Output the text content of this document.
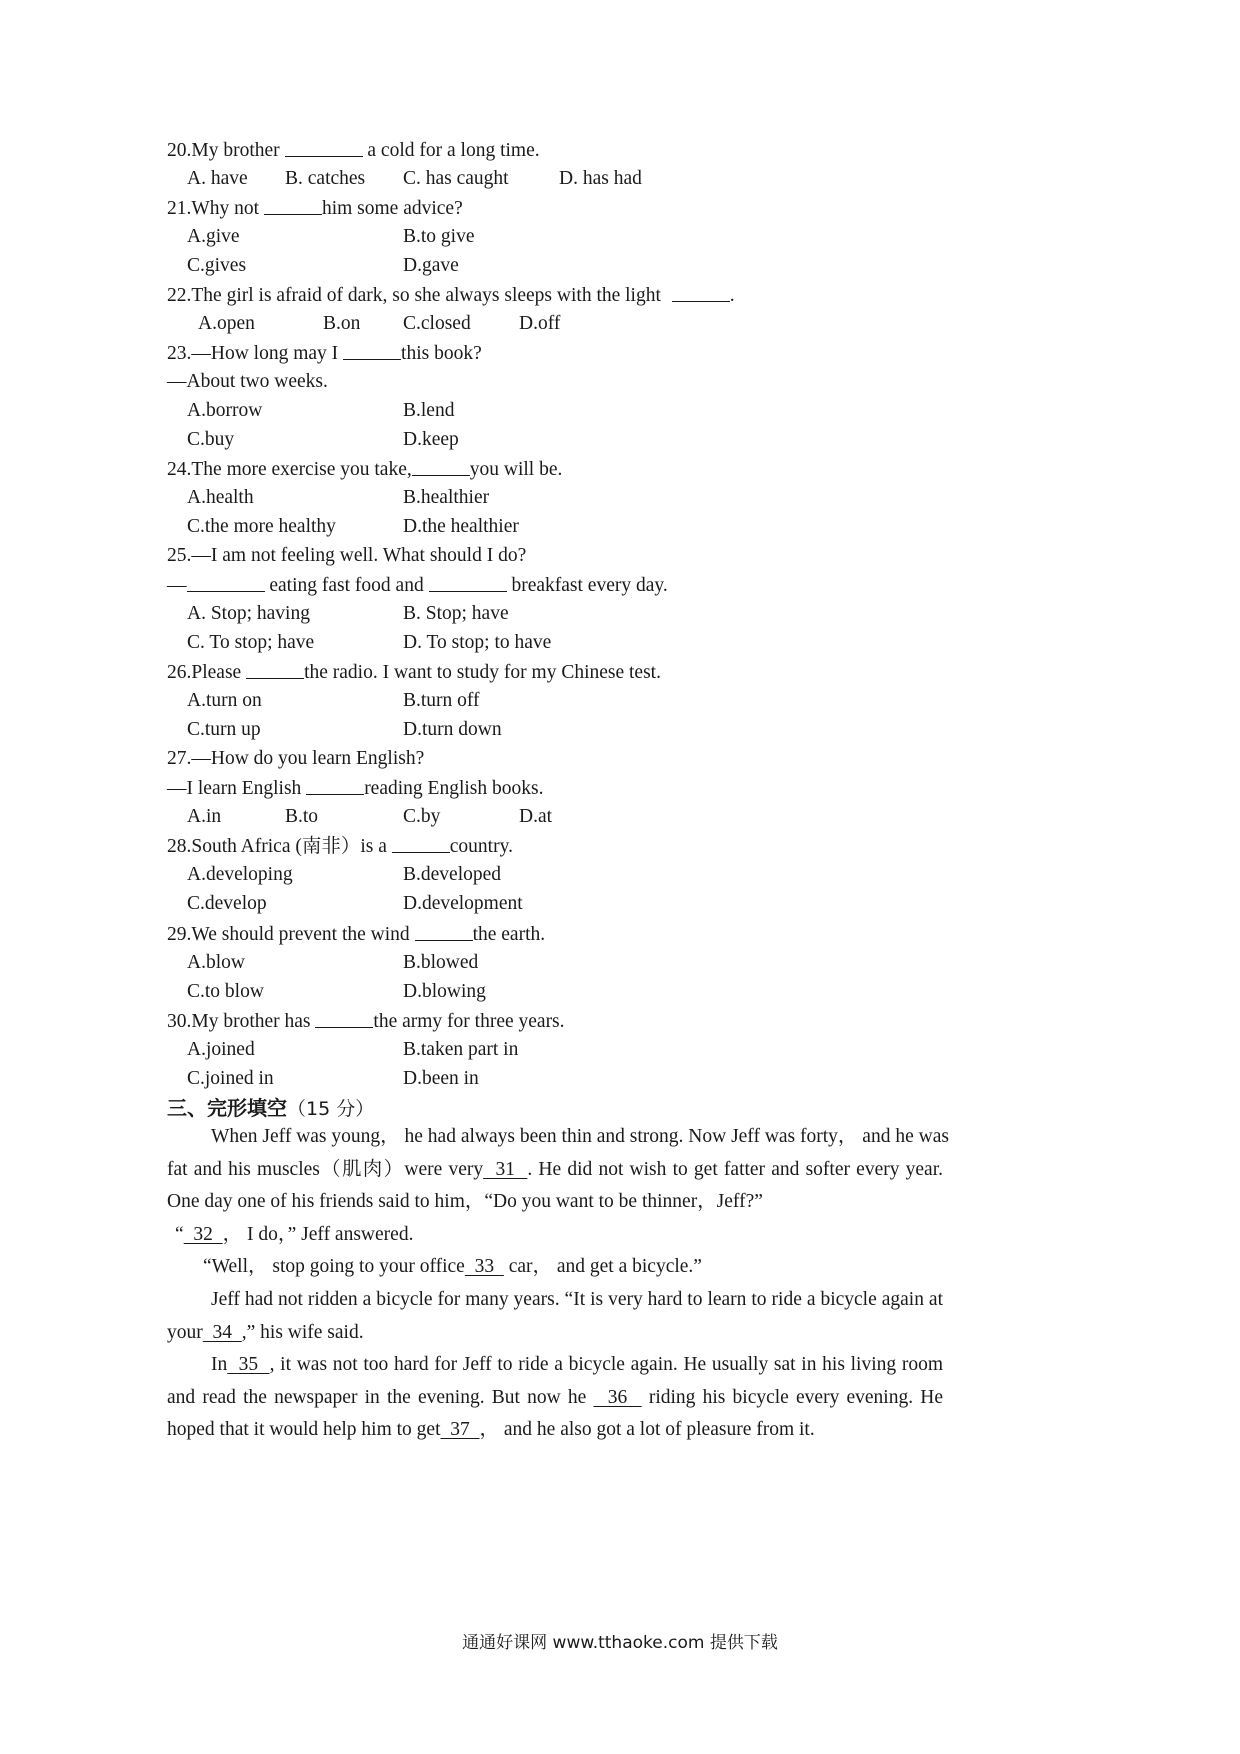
20.My brother	a cold for a long time.
A. have B. catches C. has caught	D. has had
21.Why not	him some advice?
A.give	B.to give
C.gives	D.gave
22.The girl is afraid of dark, so she always sleeps with the light	.
A.open	B.on C.closed D.off
23.—How long may I	this book?
—About two weeks.
A.borrow	B.lend
C.buy	D.keep
24.The more exercise you take,	you will be.
A.health	B.healthier
C.the more healthy	D.the healthier
25.—I am not feeling well. What should I do?
—	eating fast food and	breakfast every day.
A. Stop; having	B. Stop; have
C. To stop; have	D. To stop; to have
26.Please	the radio. I want to study for my Chinese test.
A.turn on	B.turn off
C.turn up	D.turn down
27.—How do you learn English?
—I learn English	reading English books.
A.in	B.to	C.by	D.at
28.South Africa (南非）is a	country.
A.developing	B.developed
C.develop	D.development
29.We should prevent the wind	the earth.
A.blow	B.blowed
C.to blow	D.blowing
30.My brother has	the army for three years.
A.joined	B.taken part in
C.joined in	D.been in
三、完形填空（15 分）
When Jeff was young， he had always been thin and strong. Now Jeff was forty， and he was
fat and his muscles（肌肉）were very  31  . He did not wish to get fatter and softer every year.
One day one of his friends said to him，“Do you want to be thinner，Jeff?”
“  32  ， I do，” Jeff answered.
“Well， stop going to your office  33   car， and get a bicycle.”
Jeff had not ridden a bicycle for many years. “It is very hard to learn to ride a bicycle again at
your  34  ,” his wife said.
In  35  , it was not too hard for Jeff to ride a bicycle again. He usually sat in his living room
and read the newspaper in the evening. But now he   36   riding his bicycle every evening. He
hoped that it would help him to get  37  ， and he also got a lot of pleasure from it.
通通好课网 www.tthaoke.com 提供下载
